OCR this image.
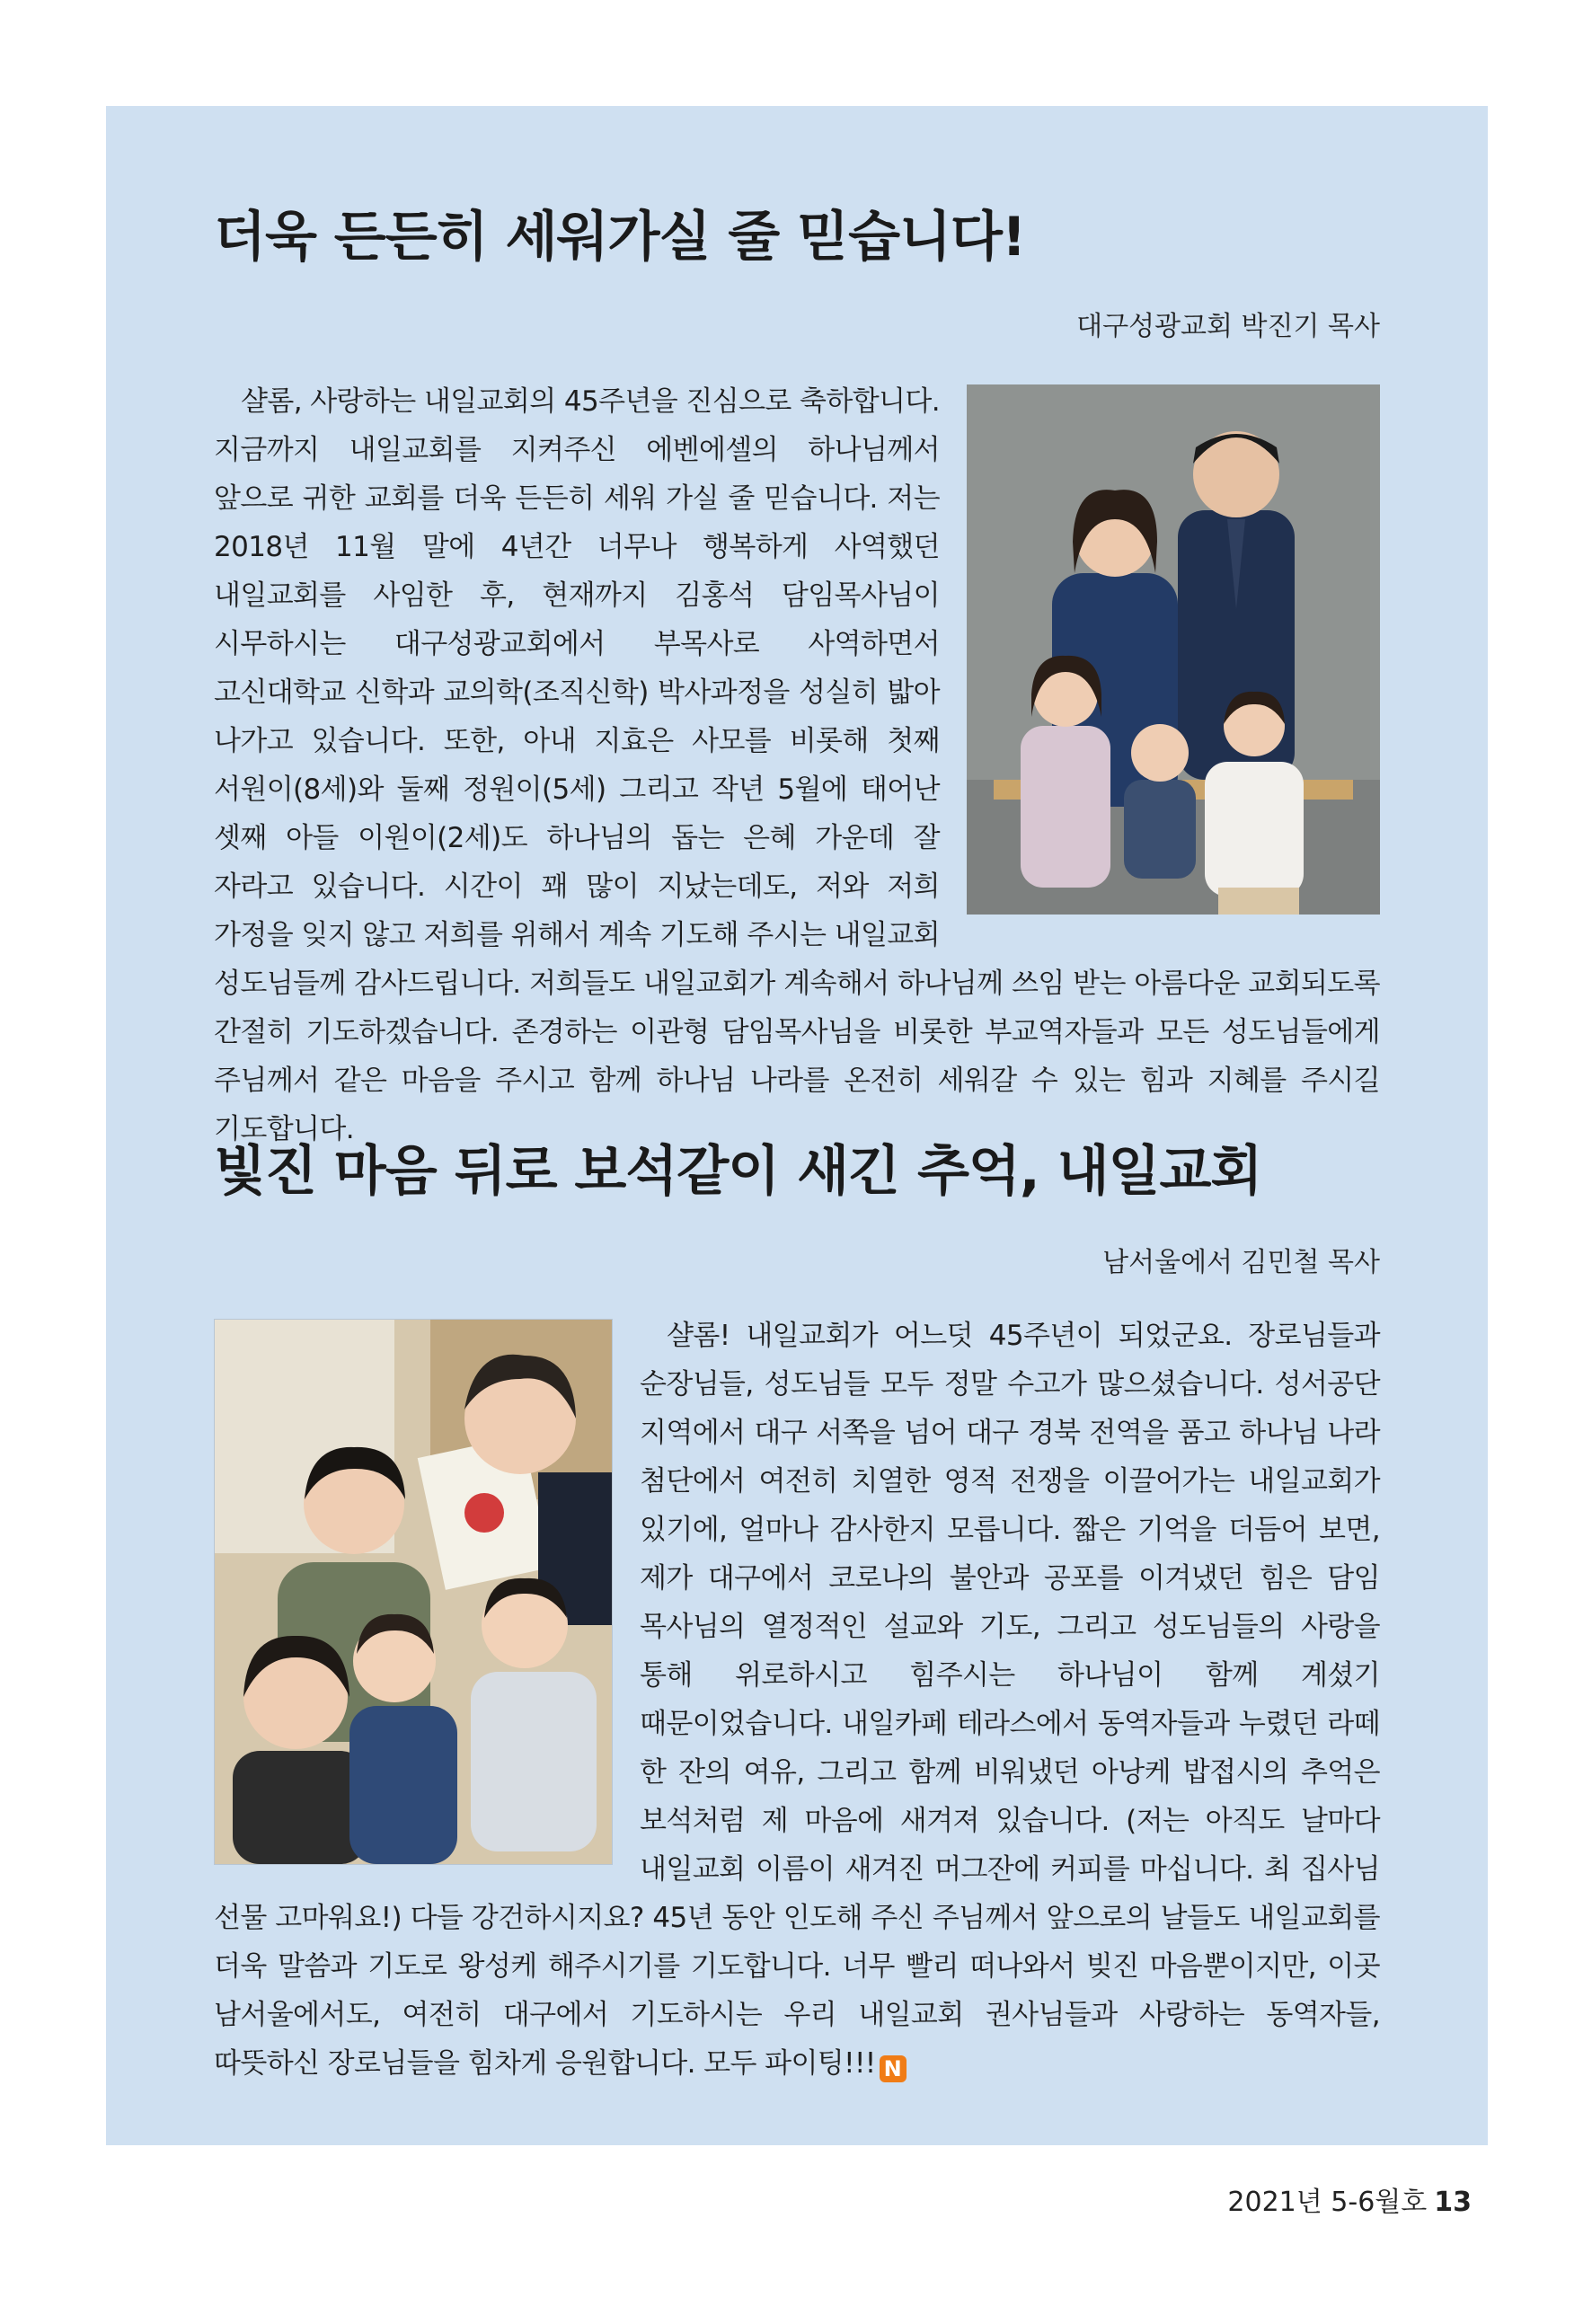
더욱 든든히 세워가실 줄 믿습니다!
대구성광교회 박진기 목사
샬롬, 사랑하는 내일교회의 45주년을 진심으로 축하합니다. 지금까지 내일교회를 지켜주신 에벤에셀의 하나님께서 앞으로 귀한 교회를 더욱 든든히 세워 가실 줄 믿습니다. 저는 2018년 11월 말에 4년간 너무나 행복하게 사역했던 내일교회를 사임한 후, 현재까지 김홍석 담임목사님이 시무하시는 대구성광교회에서 부목사로 사역하면서 고신대학교 신학과 교의학(조직신학) 박사과정을 성실히 밟아 나가고 있습니다. 또한, 아내 지효은 사모를 비롯해 첫째 서원이(8세)와 둘째 정원이(5세) 그리고 작년 5월에 태어난 셋째 아들 이원이(2세)도 하나님의 돕는 은혜 가운데 잘 자라고 있습니다. 시간이 꽤 많이 지났는데도, 저와 저희 가정을 잊지 않고 저희를 위해서 계속 기도해 주시는 내일교회 성도님들께 감사드립니다. 저희들도 내일교회가 계속해서 하나님께 쓰임 받는 아름다운 교회되도록 간절히 기도하겠습니다. 존경하는 이관형 담임목사님을 비롯한 부교역자들과 모든 성도님들에게 주님께서 같은 마음을 주시고 함께 하나님 나라를 온전히 세워갈 수 있는 힘과 지혜를 주시길 기도합니다.
빛진 마음 뒤로 보석같이 새긴 추억, 내일교회
남서울에서 김민철 목사
샬롬! 내일교회가 어느덧 45주년이 되었군요. 장로님들과 순장님들, 성도님들 모두 정말 수고가 많으셨습니다. 성서공단 지역에서 대구 서쪽을 넘어 대구 경북 전역을 품고 하나님 나라 첨단에서 여전히 치열한 영적 전쟁을 이끌어가는 내일교회가 있기에, 얼마나 감사한지 모릅니다. 짧은 기억을 더듬어 보면, 제가 대구에서 코로나의 불안과 공포를 이겨냈던 힘은 담임 목사님의 열정적인 설교와 기도, 그리고 성도님들의 사랑을 통해 위로하시고 힘주시는 하나님이 함께 계셨기 때문이었습니다. 내일카페 테라스에서 동역자들과 누렸던 라떼 한 잔의 여유, 그리고 함께 비워냈던 아낭케 밥접시의 추억은 보석처럼 제 마음에 새겨져 있습니다. (저는 아직도 날마다 내일교회 이름이 새겨진 머그잔에 커피를 마십니다. 최 집사님 선물 고마워요!) 다들 강건하시지요? 45년 동안 인도해 주신 주님께서 앞으로의 날들도 내일교회를 더욱 말씀과 기도로 왕성케 해주시기를 기도합니다. 너무 빨리 떠나와서 빚진 마음뿐이지만, 이곳 남서울에서도, 여전히 대구에서 기도하시는 우리 내일교회 권사님들과 사랑하는 동역자들, 따뜻하신 장로님들을 힘차게 응원합니다. 모두 파이팅!!! N
2021년 5-6월호 13
